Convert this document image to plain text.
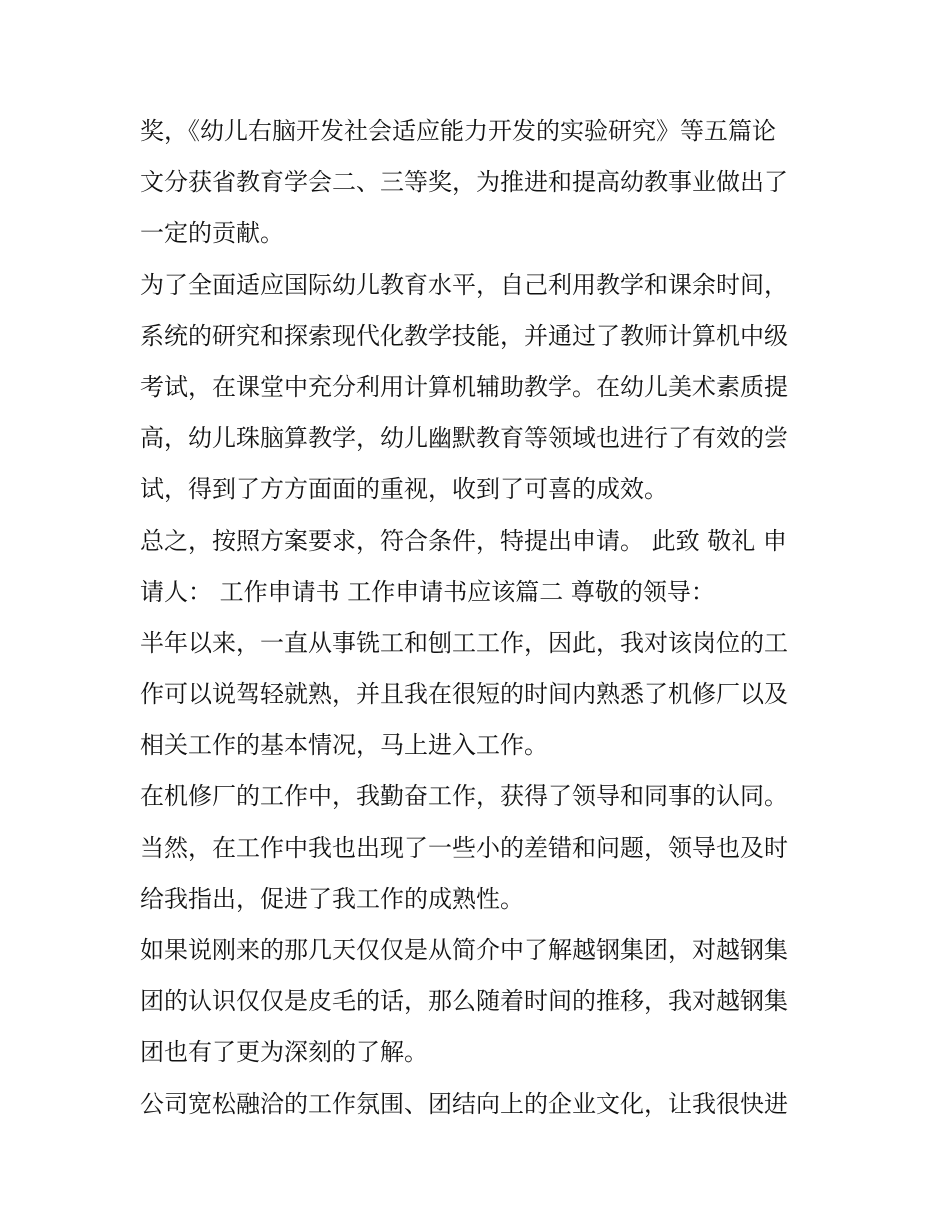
奖，《幼儿右脑开发社会适应能力开发的实验研究》等五篇论
文分获省教育学会二、三等奖，为推进和提高幼教事业做出了
一定的贡献。
为了全面适应国际幼儿教育水平，自己利用教学和课余时间，
系统的研究和探索现代化教学技能，并通过了教师计算机中级
考试，在课堂中充分利用计算机辅助教学。在幼儿美术素质提
高，幼儿珠脑算教学，幼儿幽默教育等领域也进行了有效的尝
试，得到了方方面面的重视，收到了可喜的成效。
总之，按照方案要求，符合条件，特提出申请。 此致 敬礼 申
请人： 工作申请书 工作申请书应该篇二 尊敬的领导：
半年以来，一直从事铣工和刨工工作，因此，我对该岗位的工
作可以说驾轻就熟，并且我在很短的时间内熟悉了机修厂以及
相关工作的基本情况，马上进入工作。
在机修厂的工作中，我勤奋工作，获得了领导和同事的认同。
当然，在工作中我也出现了一些小的差错和问题，领导也及时
给我指出，促进了我工作的成熟性。
如果说刚来的那几天仅仅是从简介中了解越钢集团，对越钢集
团的认识仅仅是皮毛的话，那么随着时间的推移，我对越钢集
团也有了更为深刻的了解。
公司宽松融洽的工作氛围、团结向上的企业文化，让我很快进
